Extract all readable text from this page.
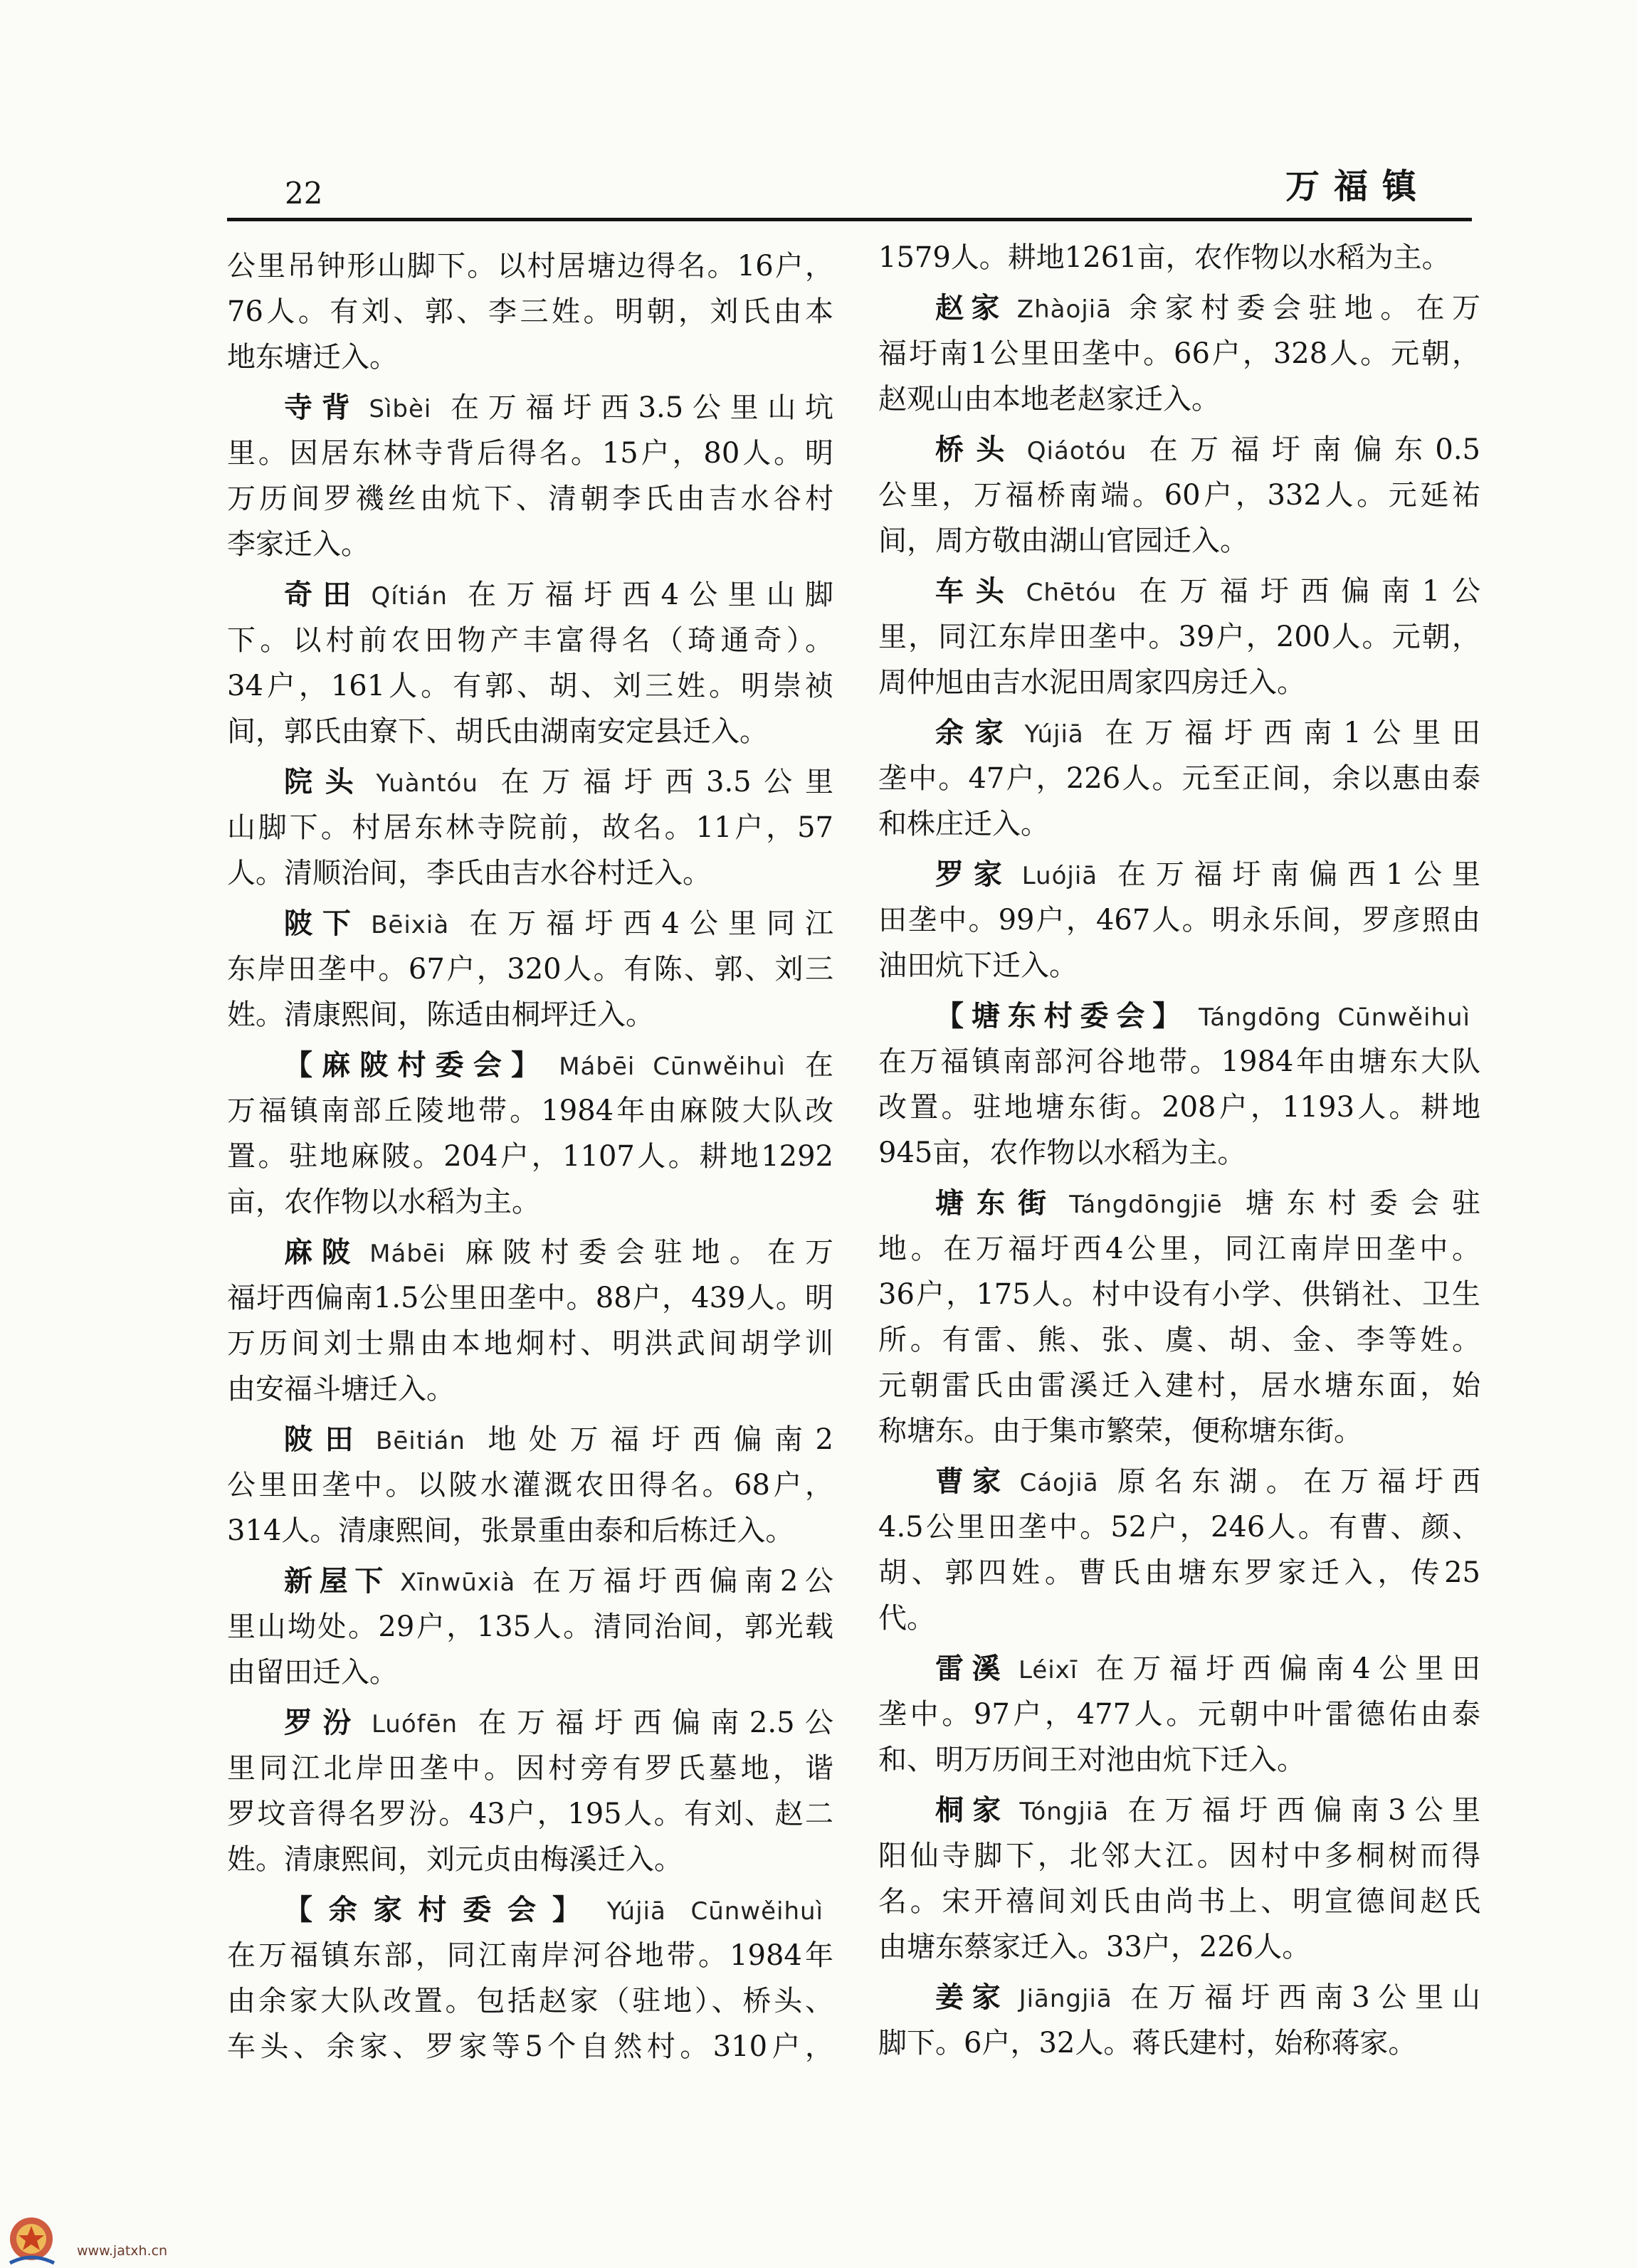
22	万福镇
公里吊钟形山脚下。以村居塘边得名。16户，
76人。有刘、郭、李三姓。明朝，刘氏由本
地东塘迁入。
寺背 Sìbèi 在万福圩西3.5公里山坑
里。因居东林寺背后得名。15户，80人。明
万历间罗禨丝由炕下、清朝李氏由吉水谷村
李家迁入。
奇田 Qítián 在万福圩西4公里山脚
下。以村前农田物产丰富得名（琦通奇）。
34户，161人。有郭、胡、刘三姓。明崇祯
间，郭氏由寮下、胡氏由湖南安定县迁入。
院头 Yuàntóu 在万福圩西3.5公里
山脚下。村居东林寺院前，故名。11户，57
人。清顺治间，李氏由吉水谷村迁入。
陂下 Bēixià 在万福圩西4公里同江
东岸田垄中。67户，320人。有陈、郭、刘三
姓。清康熙间，陈适由桐坪迁入。
【麻陂村委会】 Mábēi Cūnwěihuì 在
万福镇南部丘陵地带。1984年由麻陂大队改
置。驻地麻陂。204户，1107人。耕地1292
亩，农作物以水稻为主。
麻陂 Mábēi 麻陂村委会驻地。在万
福圩西偏南1.5公里田垄中。88户，439人。明
万历间刘士鼎由本地炯村、明洪武间胡学训
由安福斗塘迁入。
陂田 Bēitián 地处万福圩西偏南2
公里田垄中。以陂水灌溉农田得名。68户，
314人。清康熙间，张景重由泰和后栋迁入。
新屋下 Xīnwūxià 在万福圩西偏南2公
里山坳处。29户，135人。清同治间，郭光载
由留田迁入。
罗汾 Luófēn 在万福圩西偏南2.5公
里同江北岸田垄中。因村旁有罗氏墓地，谐
罗坟音得名罗汾。43户，195人。有刘、赵二
姓。清康熙间，刘元贞由梅溪迁入。
【余家村委会】 Yújiā Cūnwěihuì
在万福镇东部，同江南岸河谷地带。1984年
由余家大队改置。包括赵家（驻地）、桥头、
车头、余家、罗家等5个自然村。310户，
1579人。耕地1261亩，农作物以水稻为主。
赵家 Zhàojiā 余家村委会驻地。在万
福圩南1公里田垄中。66户，328人。元朝，
赵观山由本地老赵家迁入。
桥头 Qiáotóu 在万福圩南偏东0.5
公里，万福桥南端。60户，332人。元延祐
间，周方敬由湖山官园迁入。
车头 Chētóu 在万福圩西偏南1公
里，同江东岸田垄中。39户，200人。元朝，
周仲旭由吉水泥田周家四房迁入。
余家 Yújiā 在万福圩西南1公里田
垄中。47户，226人。元至正间，余以惠由泰
和株庄迁入。
罗家 Luójiā 在万福圩南偏西1公里
田垄中。99户，467人。明永乐间，罗彦照由
油田炕下迁入。
【塘东村委会】 Tángdōng Cūnwěihuì
在万福镇南部河谷地带。1984年由塘东大队
改置。驻地塘东街。208户，1193人。耕地
945亩，农作物以水稻为主。
塘东街 Tángdōngjiē 塘东村委会驻
地。在万福圩西4公里，同江南岸田垄中。
36户，175人。村中设有小学、供销社、卫生
所。有雷、熊、张、虞、胡、金、李等姓。
元朝雷氏由雷溪迁入建村，居水塘东面，始
称塘东。由于集市繁荣，便称塘东街。
曹家 Cáojiā 原名东湖。在万福圩西
4.5公里田垄中。52户，246人。有曹、颜、
胡、郭四姓。曹氏由塘东罗家迁入，传25
代。
雷溪 Léixī 在万福圩西偏南4公里田
垄中。97户，477人。元朝中叶雷德佑由泰
和、明万历间王对池由炕下迁入。
桐家 Tóngjiā 在万福圩西偏南3公里
阳仙寺脚下，北邻大江。因村中多桐树而得
名。宋开禧间刘氏由尚书上、明宣德间赵氏
由塘东蔡家迁入。33户，226人。
姜家 Jiāngjiā 在万福圩西南3公里山
脚下。6户，32人。蒋氏建村，始称蒋家。
www.jatxh.cn
